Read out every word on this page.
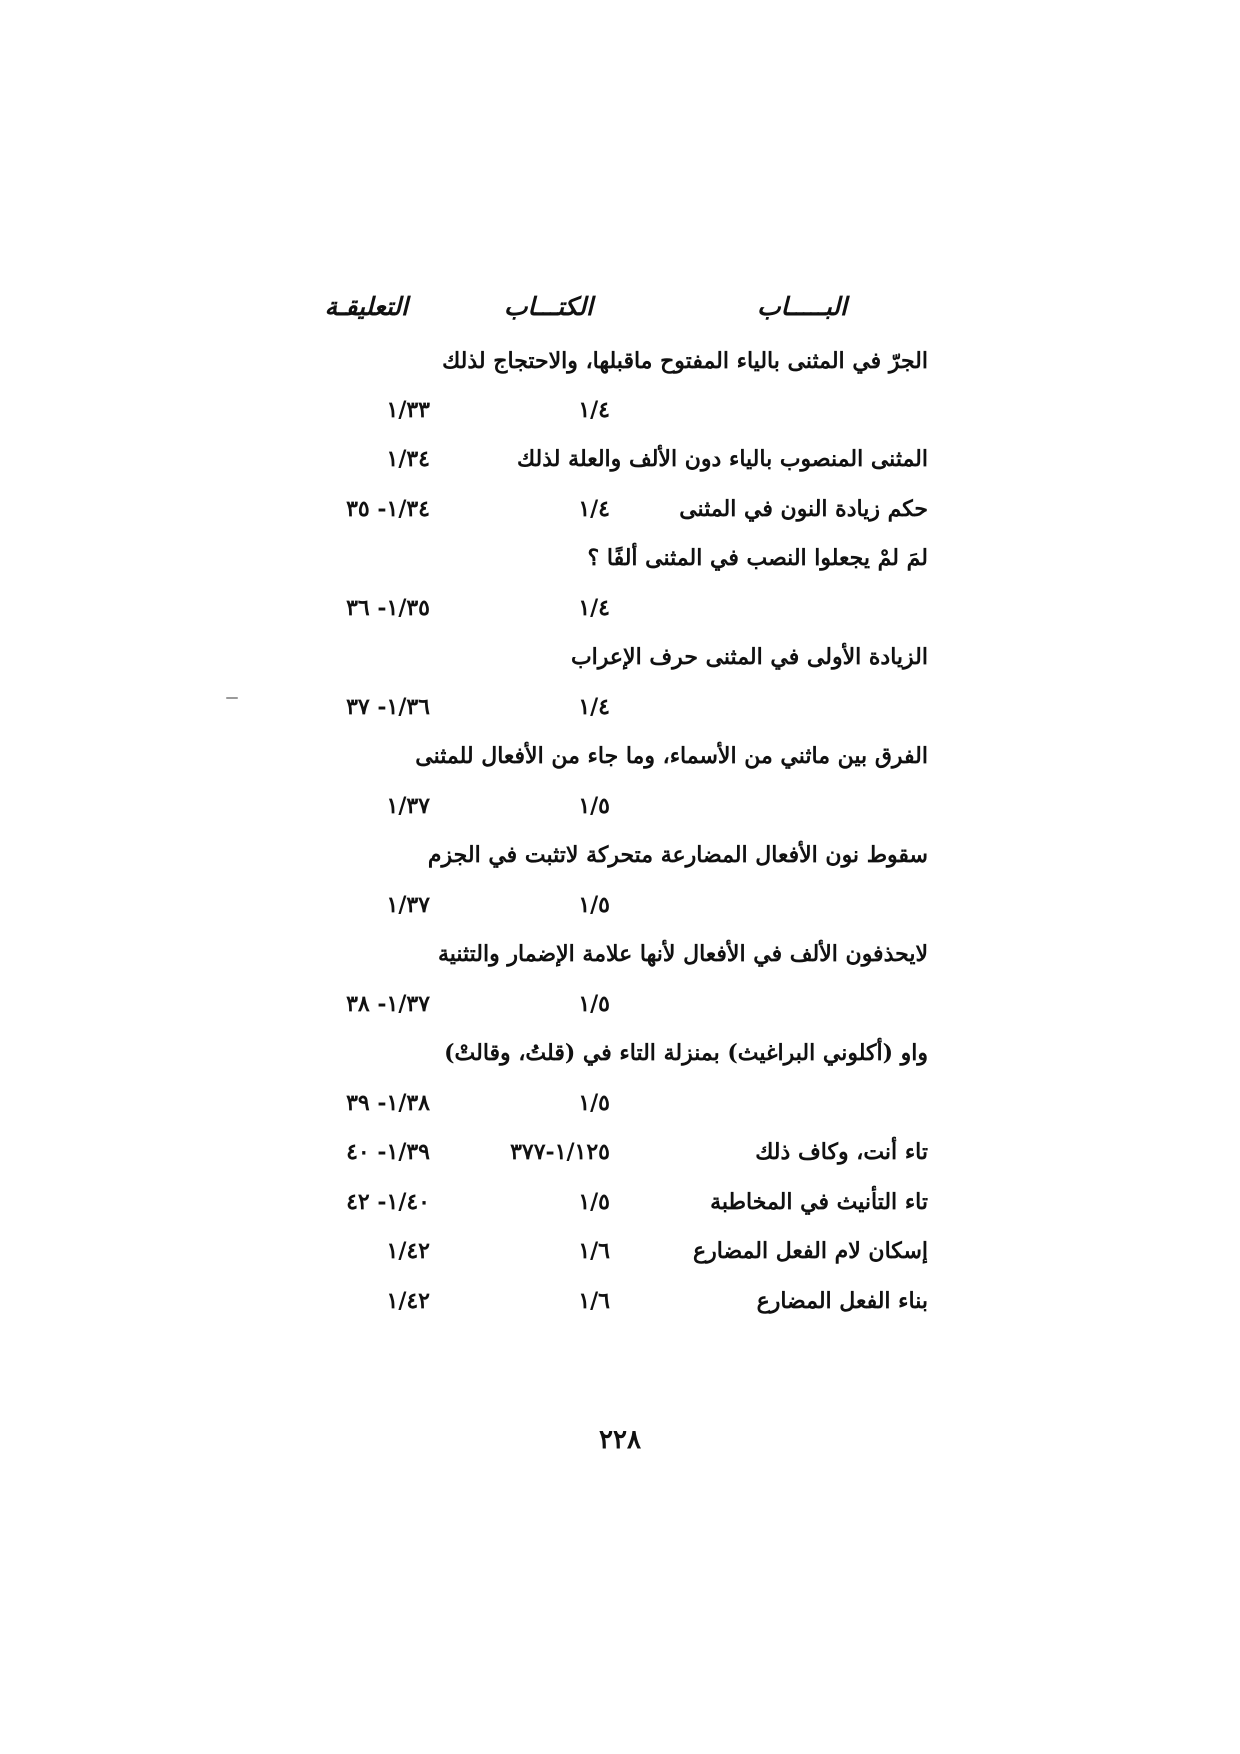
البـــــاب
الكتـــاب
التعليقـة
الجرّ في المثنى بالياء المفتوح ماقبلها، والاحتجاج لذلك
١/٤
١/٣٣
المثنى المنصوب بالياء دون الألف والعلة لذلك
١/٣٤
حكم زيادة النون في المثنى
١/٤
١/٣٤- ٣٥
لمَ لمْ يجعلوا النصب في المثنى ألفًا ؟
١/٤
١/٣٥- ٣٦
الزيادة الأولى في المثنى حرف الإعراب
١/٤
١/٣٦- ٣٧
الفرق بين ماثني من الأسماء، وما جاء من الأفعال للمثنى
١/٥
١/٣٧
سقوط نون الأفعال المضارعة متحركة لاتثبت في الجزم
١/٥
١/٣٧
لايحذفون الألف في الأفعال لأنها علامة الإضمار والتثنية
١/٥
١/٣٧- ٣٨
واو (أكلوني البراغيث) بمنزلة التاء في (قلتُ، وقالتْ)
١/٥
١/٣٨- ٣٩
تاء أنت، وكاف ذلك
١/١٢٥-٣٧٧
١/٣٩- ٤٠
تاء التأنيث في المخاطبة
١/٥
١/٤٠- ٤٢
إسكان لام الفعل المضارع
١/٦
١/٤٢
بناء الفعل المضارع
١/٦
١/٤٢
٢٢٨
